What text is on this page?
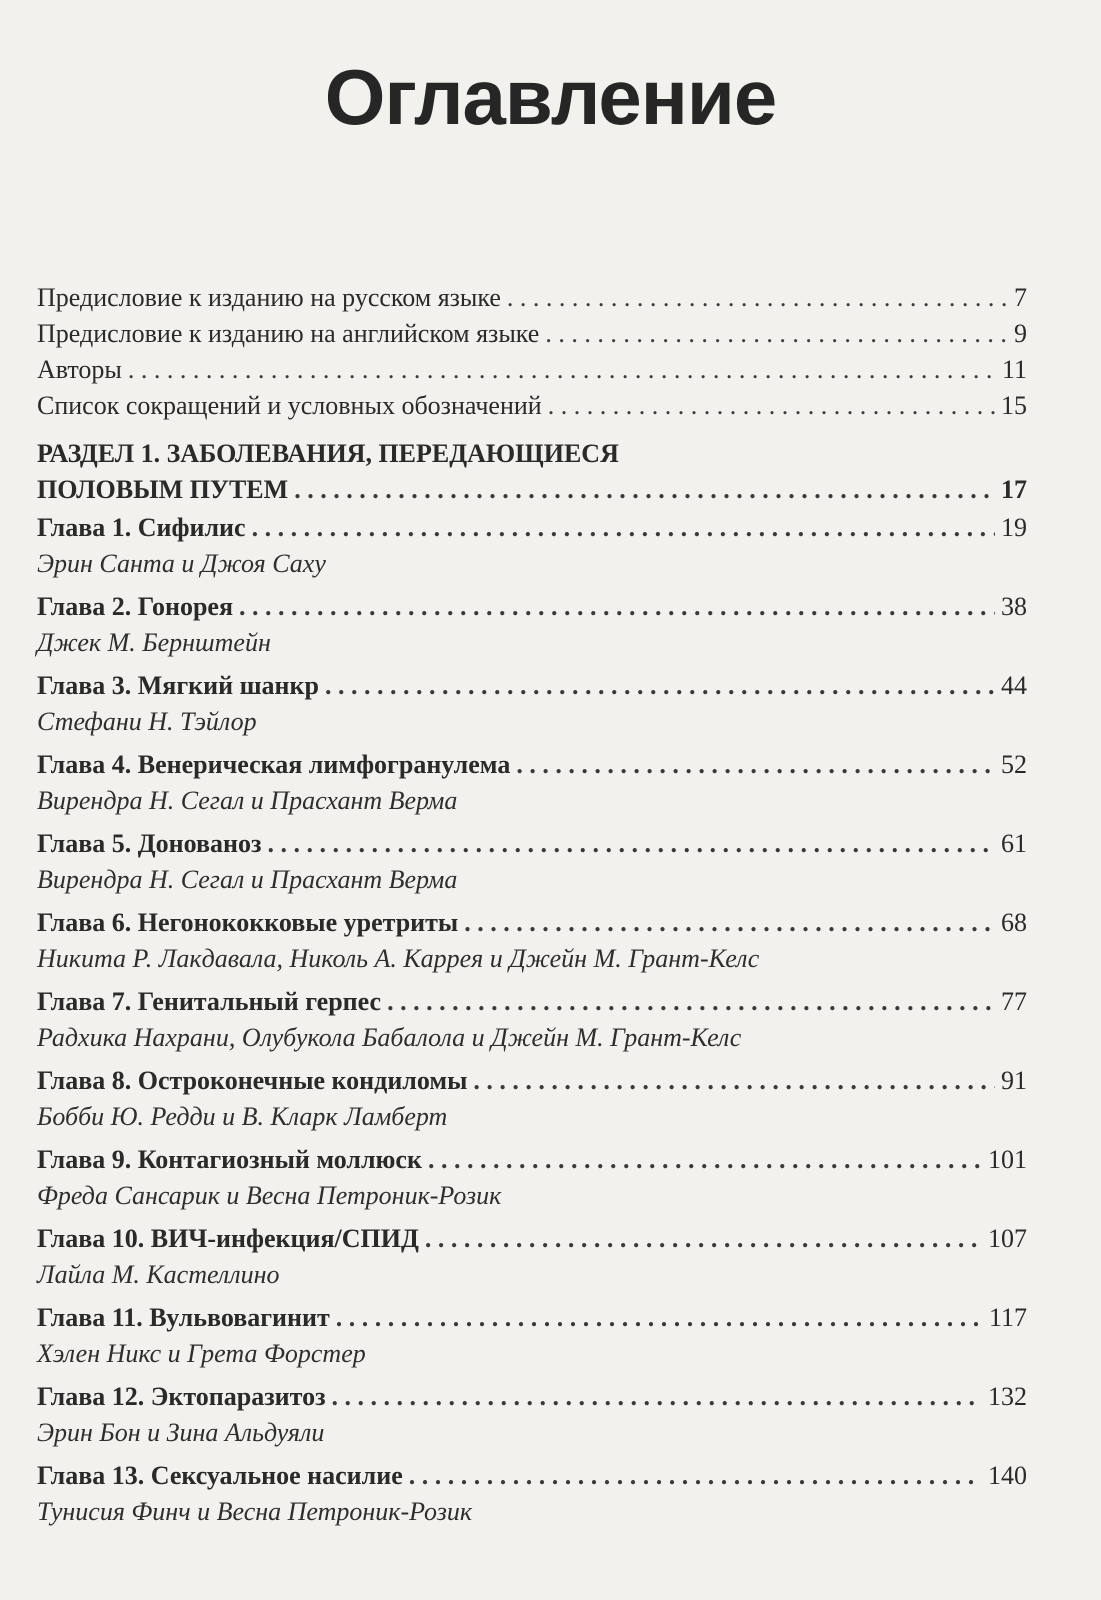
Оглавление
Предисловие к изданию на русском языке . . .	7
Предисловие к изданию на английском языке . . .	9
Авторы . . .	11
Список сокращений и условных обозначений . . .	15
РАЗДЕЛ 1. ЗАБОЛЕВАНИЯ, ПЕРЕДАЮЩИЕСЯ
ПОЛОВЫМ ПУТЕМ . . .	17
Глава 1. Сифилис . . .	19
Эрин Санта и Джоя Саху
Глава 2. Гонорея . . .	38
Джек М. Бернштейн
Глава 3. Мягкий шанкр . . .	44
Стефани Н. Тэйлор
Глава 4. Венерическая лимфогранулема . . .	52
Вирендра Н. Сегал и Прасхант Верма
Глава 5. Донованоз . . .	61
Вирендра Н. Сегал и Прасхант Верма
Глава 6. Негонококковые уретриты . . .	68
Никита Р. Лакдавала, Николь А. Каррея и Джейн М. Грант-Келс
Глава 7. Генитальный герпес . . .	77
Радхика Нахрани, Олубукола Бабалола и Джейн М. Грант-Келс
Глава 8. Остроконечные кондиломы . . .	91
Бобби Ю. Редди и В. Кларк Ламберт
Глава 9. Контагиозный моллюск . . .	101
Фреда Сансарик и Весна Петроник-Розик
Глава 10. ВИЧ-инфекция/СПИД . . .	107
Лайла М. Кастеллино
Глава 11. Вульвовагинит . . .	117
Хэлен Никс и Грета Форстер
Глава 12. Эктопаразитоз . . .	132
Эрин Бон и Зина Альдуяли
Глава 13. Сексуальное насилие . . .	140
Тунисия Финч и Весна Петроник-Розик
